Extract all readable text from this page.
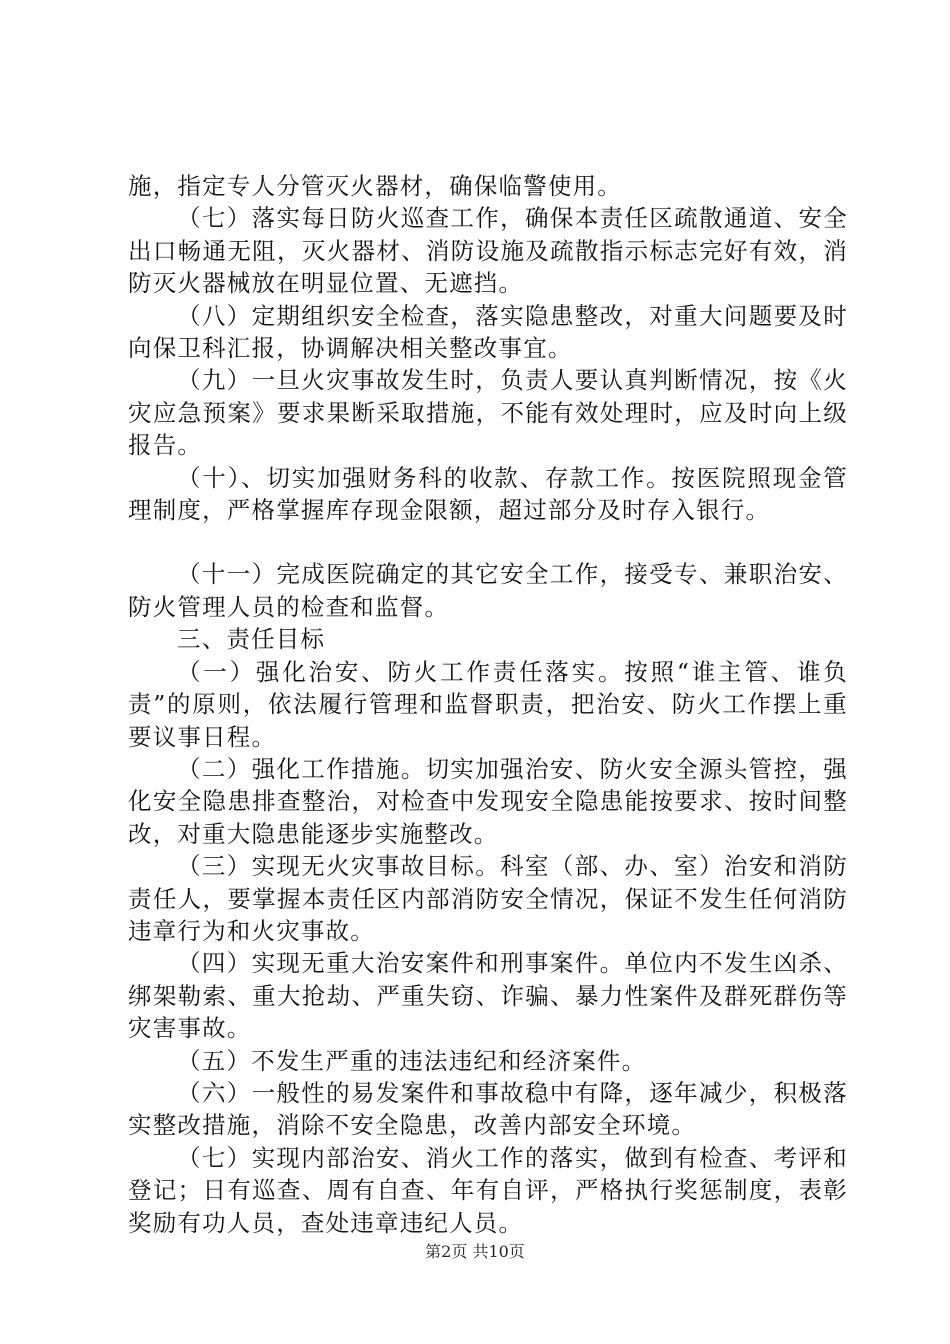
施，指定专人分管灭火器材，确保临警使用。

（七）落实每日防火巡查工作，确保本责任区疏散通道、安全出口畅通无阻，灭火器材、消防设施及疏散指示标志完好有效，消防灭火器械放在明显位置、无遮挡。

（八）定期组织安全检查，落实隐患整改，对重大问题要及时向保卫科汇报，协调解决相关整改事宜。

（九）一旦火灾事故发生时，负责人要认真判断情况，按《火灾应急预案》要求果断采取措施，不能有效处理时，应及时向上级报告。

（十）、切实加强财务科的收款、存款工作。按医院照现金管理制度，严格掌握库存现金限额，超过部分及时存入银行。

（十一）完成医院确定的其它安全工作，接受专、兼职治安、防火管理人员的检查和监督。

三、责任目标

（一）强化治安、防火工作责任落实。按照“谁主管、谁负责”的原则，依法履行管理和监督职责，把治安、防火工作摆上重要议事日程。

（二）强化工作措施。切实加强治安、防火安全源头管控，强化安全隐患排查整治，对检查中发现安全隐患能按要求、按时间整改，对重大隐患能逐步实施整改。

（三）实现无火灾事故目标。科室（部、办、室）治安和消防责任人，要掌握本责任区内部消防安全情况，保证不发生任何消防违章行为和火灾事故。

（四）实现无重大治安案件和刑事案件。单位内不发生凶杀、绑架勒索、重大抢劫、严重失窃、诈骗、暴力性案件及群死群伤等灾害事故。

（五）不发生严重的违法违纪和经济案件。

（六）一般性的易发案件和事故稳中有降，逐年减少，积极落实整改措施，消除不安全隐患，改善内部安全环境。

（七）实现内部治安、消火工作的落实，做到有检查、考评和登记；日有巡查、周有自查、年有自评，严格执行奖惩制度，表彰奖励有功人员，查处违章违纪人员。

第2页 共10页
